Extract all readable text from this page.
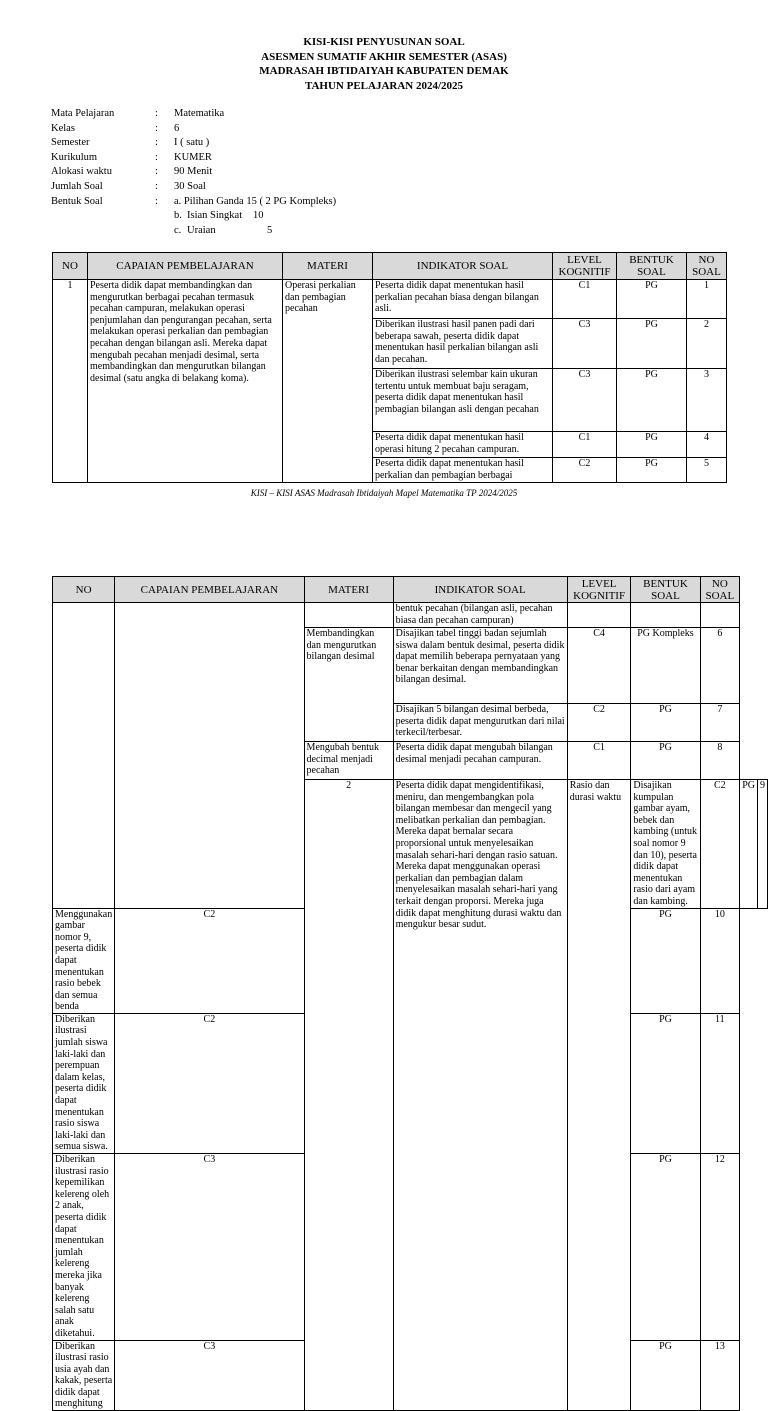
KISI-KISI PENYUSUNAN SOAL
ASESMEN SUMATIF AKHIR SEMESTER (ASAS)
MADRASAH IBTIDAIYAH KABUPATEN DEMAK
TAHUN PELAJARAN 2024/2025
Mata Pelajaran	:	Matematika
Kelas	:	6
Semester	:	I ( satu )
Kurikulum	:	KUMER
Alokasi waktu	:	90 Menit
Jumlah Soal	:	30 Soal
Bentuk Soal	:	a. Pilihan Ganda 15 ( 2 PG Kompleks)
b. Isian Singkat	10
c. Uraian	5
NO	CAPAIAN PEMBELAJARAN	MATERI	INDIKATOR SOAL	LEVEL KOGNITIF	BENTUK SOAL	NO SOAL
1	Peserta didik dapat membandingkan dan mengurutkan berbagai pecahan termasuk pecahan campuran, melakukan operasi penjumlahan dan pengurangan pecahan, serta melakukan operasi perkalian dan pembagian pecahan dengan bilangan asli. Mereka dapat mengubah pecahan menjadi desimal, serta membandingkan dan mengurutkan bilangan desimal (satu angka di belakang koma).	Operasi perkalian dan pembagian pecahan	Peserta didik dapat menentukan hasil perkalian pecahan biasa dengan bilangan asli.	C1	PG	1
			Diberikan ilustrasi hasil panen padi dari beberapa sawah, peserta didik dapat menentukan hasil perkalian bilangan asli dan pecahan.	C3	PG	2
			Diberikan ilustrasi selembar kain ukuran tertentu untuk membuat baju seragam, peserta didik dapat menentukan hasil pembagian bilangan asli dengan pecahan	C3	PG	3
			Peserta didik dapat menentukan hasil operasi hitung 2 pecahan campuran.	C1	PG	4
			Peserta didik dapat menentukan hasil perkalian dan pembagian berbagai	C2	PG	5
KISI – KISI ASAS Madrasah Ibtidaiyah Mapel Matematika TP 2024/2025
NO	CAPAIAN PEMBELAJARAN	MATERI	INDIKATOR SOAL	LEVEL KOGNITIF	BENTUK SOAL	NO SOAL		
			bentuk pecahan (bilangan asli, pecahan biasa dan pecahan campuran)					
		Membandingkan dan mengurutkan bilangan desimal	Disajikan tabel tinggi badan sejumlah siswa dalam bentuk desimal, peserta didik dapat memilih beberapa pernyataan yang benar berkaitan dengan membandingkan bilangan desimal.	C4	PG Kompleks	6		
			Disajikan 5 bilangan desimal berbeda, peserta didik dapat mengurutkan dari nilai terkecil/terbesar.	C2	PG	7		
		Mengubah bentuk decimal menjadi pecahan	Peserta didik dapat mengubah bilangan desimal menjadi pecahan campuran.	C1	PG	8		
		2	Peserta didik dapat mengidentifikasi, meniru, dan mengembangkan pola bilangan membesar dan mengecil yang melibatkan perkalian dan pembagian. Mereka dapat bernalar secara proporsional untuk menyelesaikan masalah sehari-hari dengan rasio satuan. Mereka dapat menggunakan operasi perkalian dan pembagian dalam menyelesaikan masalah sehari-hari yang terkait dengan proporsi. Mereka juga didik dapat menghitung durasi waktu dan mengukur besar sudut.	Rasio dan durasi waktu	Disajikan kumpulan gambar ayam, bebek dan kambing (untuk soal nomor 9 dan 10), peserta didik dapat menentukan rasio dari ayam dan kambing.	C2	PG	9
Menggunakan gambar nomor 9, peserta didik dapat menentukan rasio bebek dan semua benda	C2				PG	10		
Diberikan ilustrasi jumlah siswa laki-laki dan perempuan dalam kelas, peserta didik dapat menentukan rasio siswa laki-laki dan semua siswa.	C2				PG	11		
Diberikan ilustrasi rasio kepemilikan kelereng oleh 2 anak, peserta didik dapat menentukan jumlah kelereng mereka jika banyak kelereng salah satu anak diketahui.	C3				PG	12		
Diberikan ilustrasi rasio usia ayah dan kakak, peserta didik dapat menghitung	C3				PG	13		
